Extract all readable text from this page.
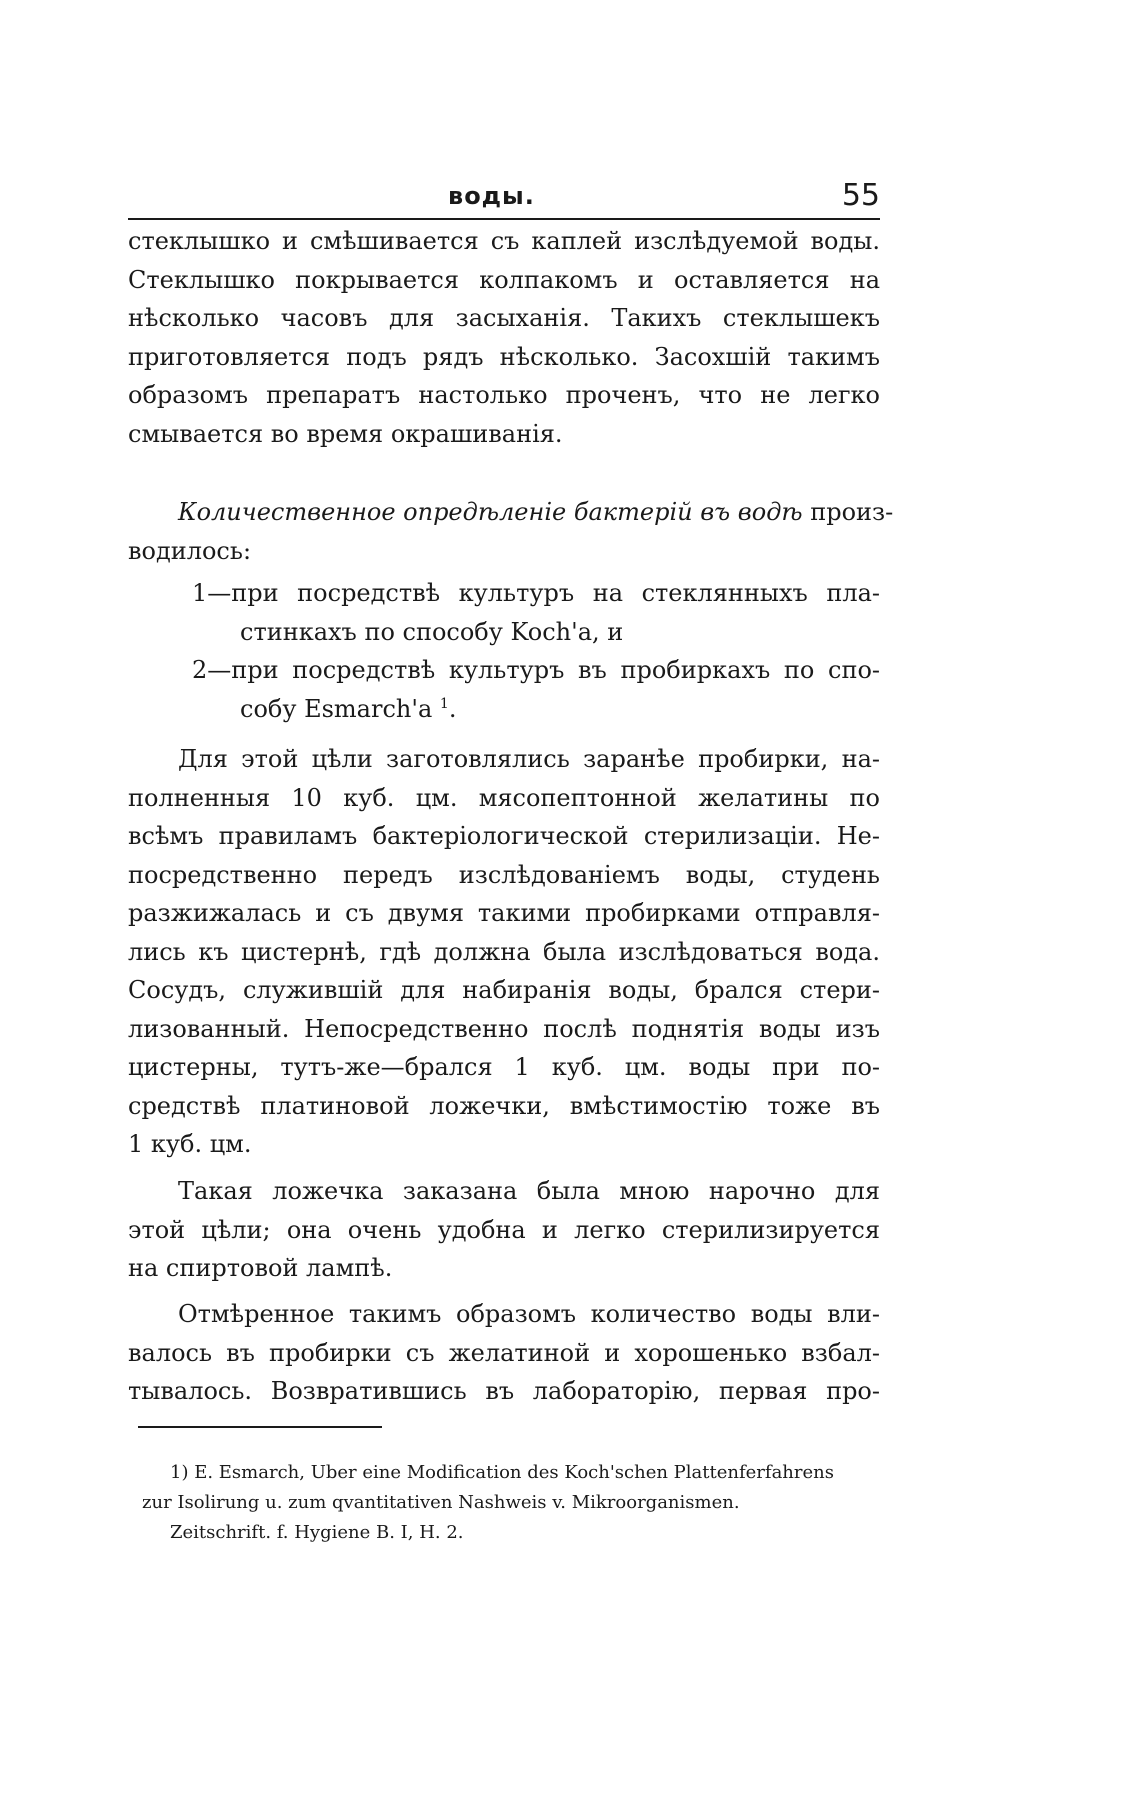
воды.	55
стеклышко и смѣшивается съ каплей изслѣдуемой воды.
Стеклышко покрывается колпакомъ и оставляется на
нѣсколько часовъ для засыханія. Такихъ стеклышекъ
приготовляется подъ рядъ нѣсколько. Засохшій такимъ
образомъ препаратъ настолько проченъ, что не легко
смывается во время окрашиванія.
Количественное опредѣленіе бактерій въ водѣ произ-
водилось:
1—при посредствѣ культуръ на стеклянныхъ пла-
стинкахъ по способу Koch'а, и
2—при посредствѣ культуръ въ пробиркахъ по спо-
собу Esmarch'а $^1$.
Для этой цѣли заготовлялись заранѣе пробирки, на-
полненныя 10 куб. цм. мясопептонной желатины по
всѣмъ правиламъ бактеріологической стерилизаціи. Не-
посредственно передъ изслѣдованіемъ воды, студень
разжижалась и съ двумя такими пробирками отправля-
лись къ цистернѣ, гдѣ должна была изслѣдоваться вода.
Сосудъ, служившій для набиранія воды, брался стери-
лизованный. Непосредственно послѣ поднятія воды изъ
цистерны, тутъ-же—брался 1 куб. цм. воды при по-
средствѣ платиновой ложечки, вмѣстимостію тоже въ
1 куб. цм.
Такая ложечка заказана была мною нарочно для
этой цѣли; она очень удобна и легко стерилизируется
на спиртовой лампѣ.
Отмѣренное такимъ образомъ количество воды вли-
валось въ пробирки съ желатиной и хорошенько взбал-
тывалось. Возвратившись въ лабораторію, первая про-
1) E. Esmarch, Uber eine Modification des Koch'schen Plattenferfahrens
zur Isolirung u. zum qvantitativen Nashweis v. Mikroorganismen.
Zeitschrift. f. Hygiene B. I, H. 2.
